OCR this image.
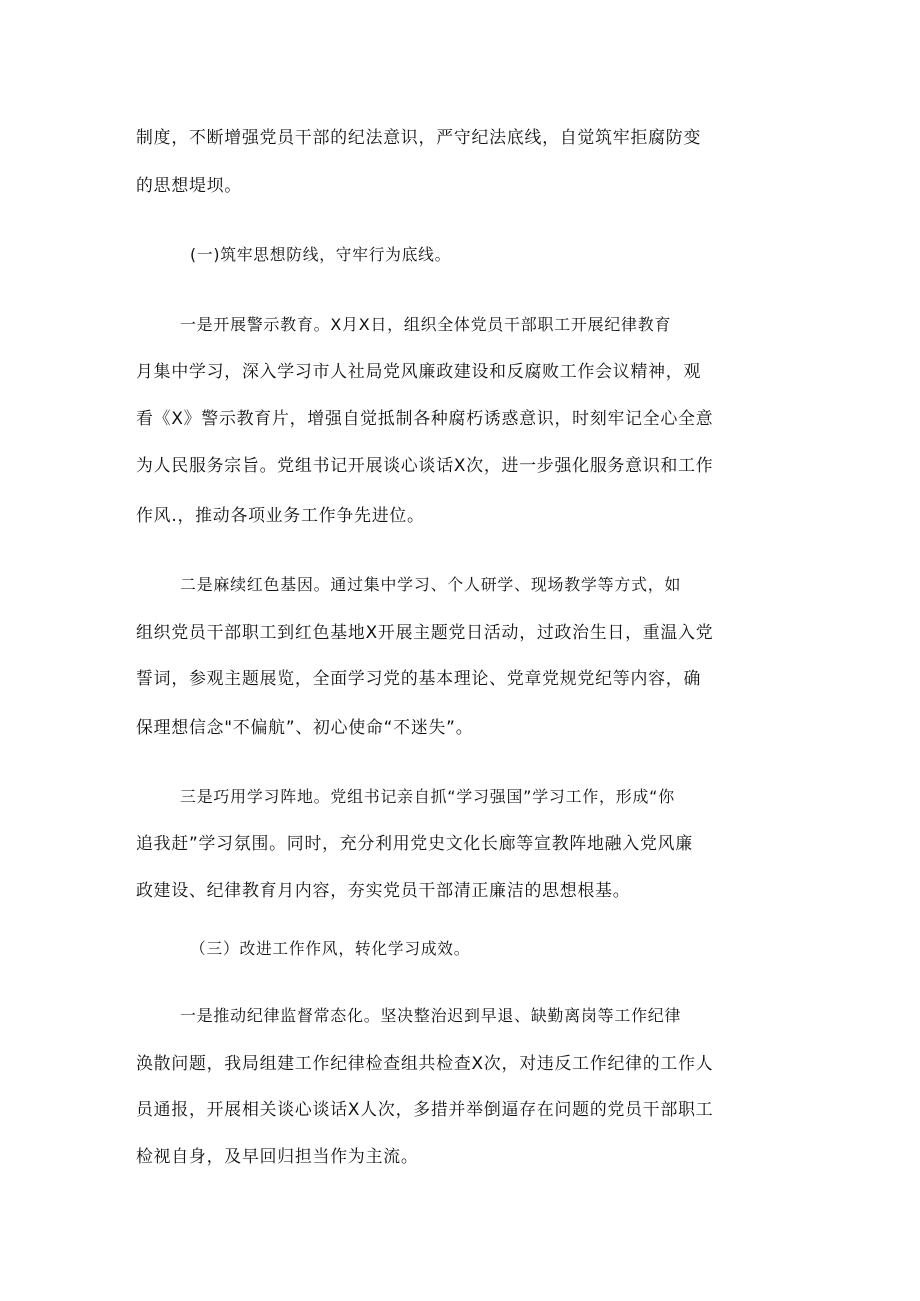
制度，不断增强党员干部的纪法意识，严守纪法底线，自觉筑牢拒腐防变
的思想堤坝。
(一)筑牢思想防线，守牢行为底线。
一是开展警示教育。X月X日，组织全体党员干部职工开展纪律教育
月集中学习，深入学习市人社局党风廉政建设和反腐败工作会议精神，观
看《X》警示教育片，增强自觉抵制各种腐朽诱惑意识，时刻牢记全心全意
为人民服务宗旨。党组书记开展谈心谈话X次，进一步强化服务意识和工作
作风.，推动各项业务工作争先进位。
二是麻续红色基因。通过集中学习、个人研学、现场教学等方式，如
组织党员干部职工到红色基地X开展主题党日活动，过政治生日，重温入党
誓词，参观主题展览，全面学习党的基本理论、党章党规党纪等内容，确
保理想信念"不偏航”、初心使命“不迷失”。
三是巧用学习阵地。党组书记亲自抓“学习强国”学习工作，形成“你
追我赶”学习氛围。同时，充分利用党史文化长廊等宣教阵地融入党风廉
政建设、纪律教育月内容，夯实党员干部清正廉洁的思想根基。
（三）改进工作作风，转化学习成效。
一是推动纪律监督常态化。坚决整治迟到早退、缺勤离岗等工作纪律
涣散问题，我局组建工作纪律检查组共检查X次，对违反工作纪律的工作人
员通报，开展相关谈心谈话X人次，多措并举倒逼存在问题的党员干部职工
检视自身，及早回归担当作为主流。
